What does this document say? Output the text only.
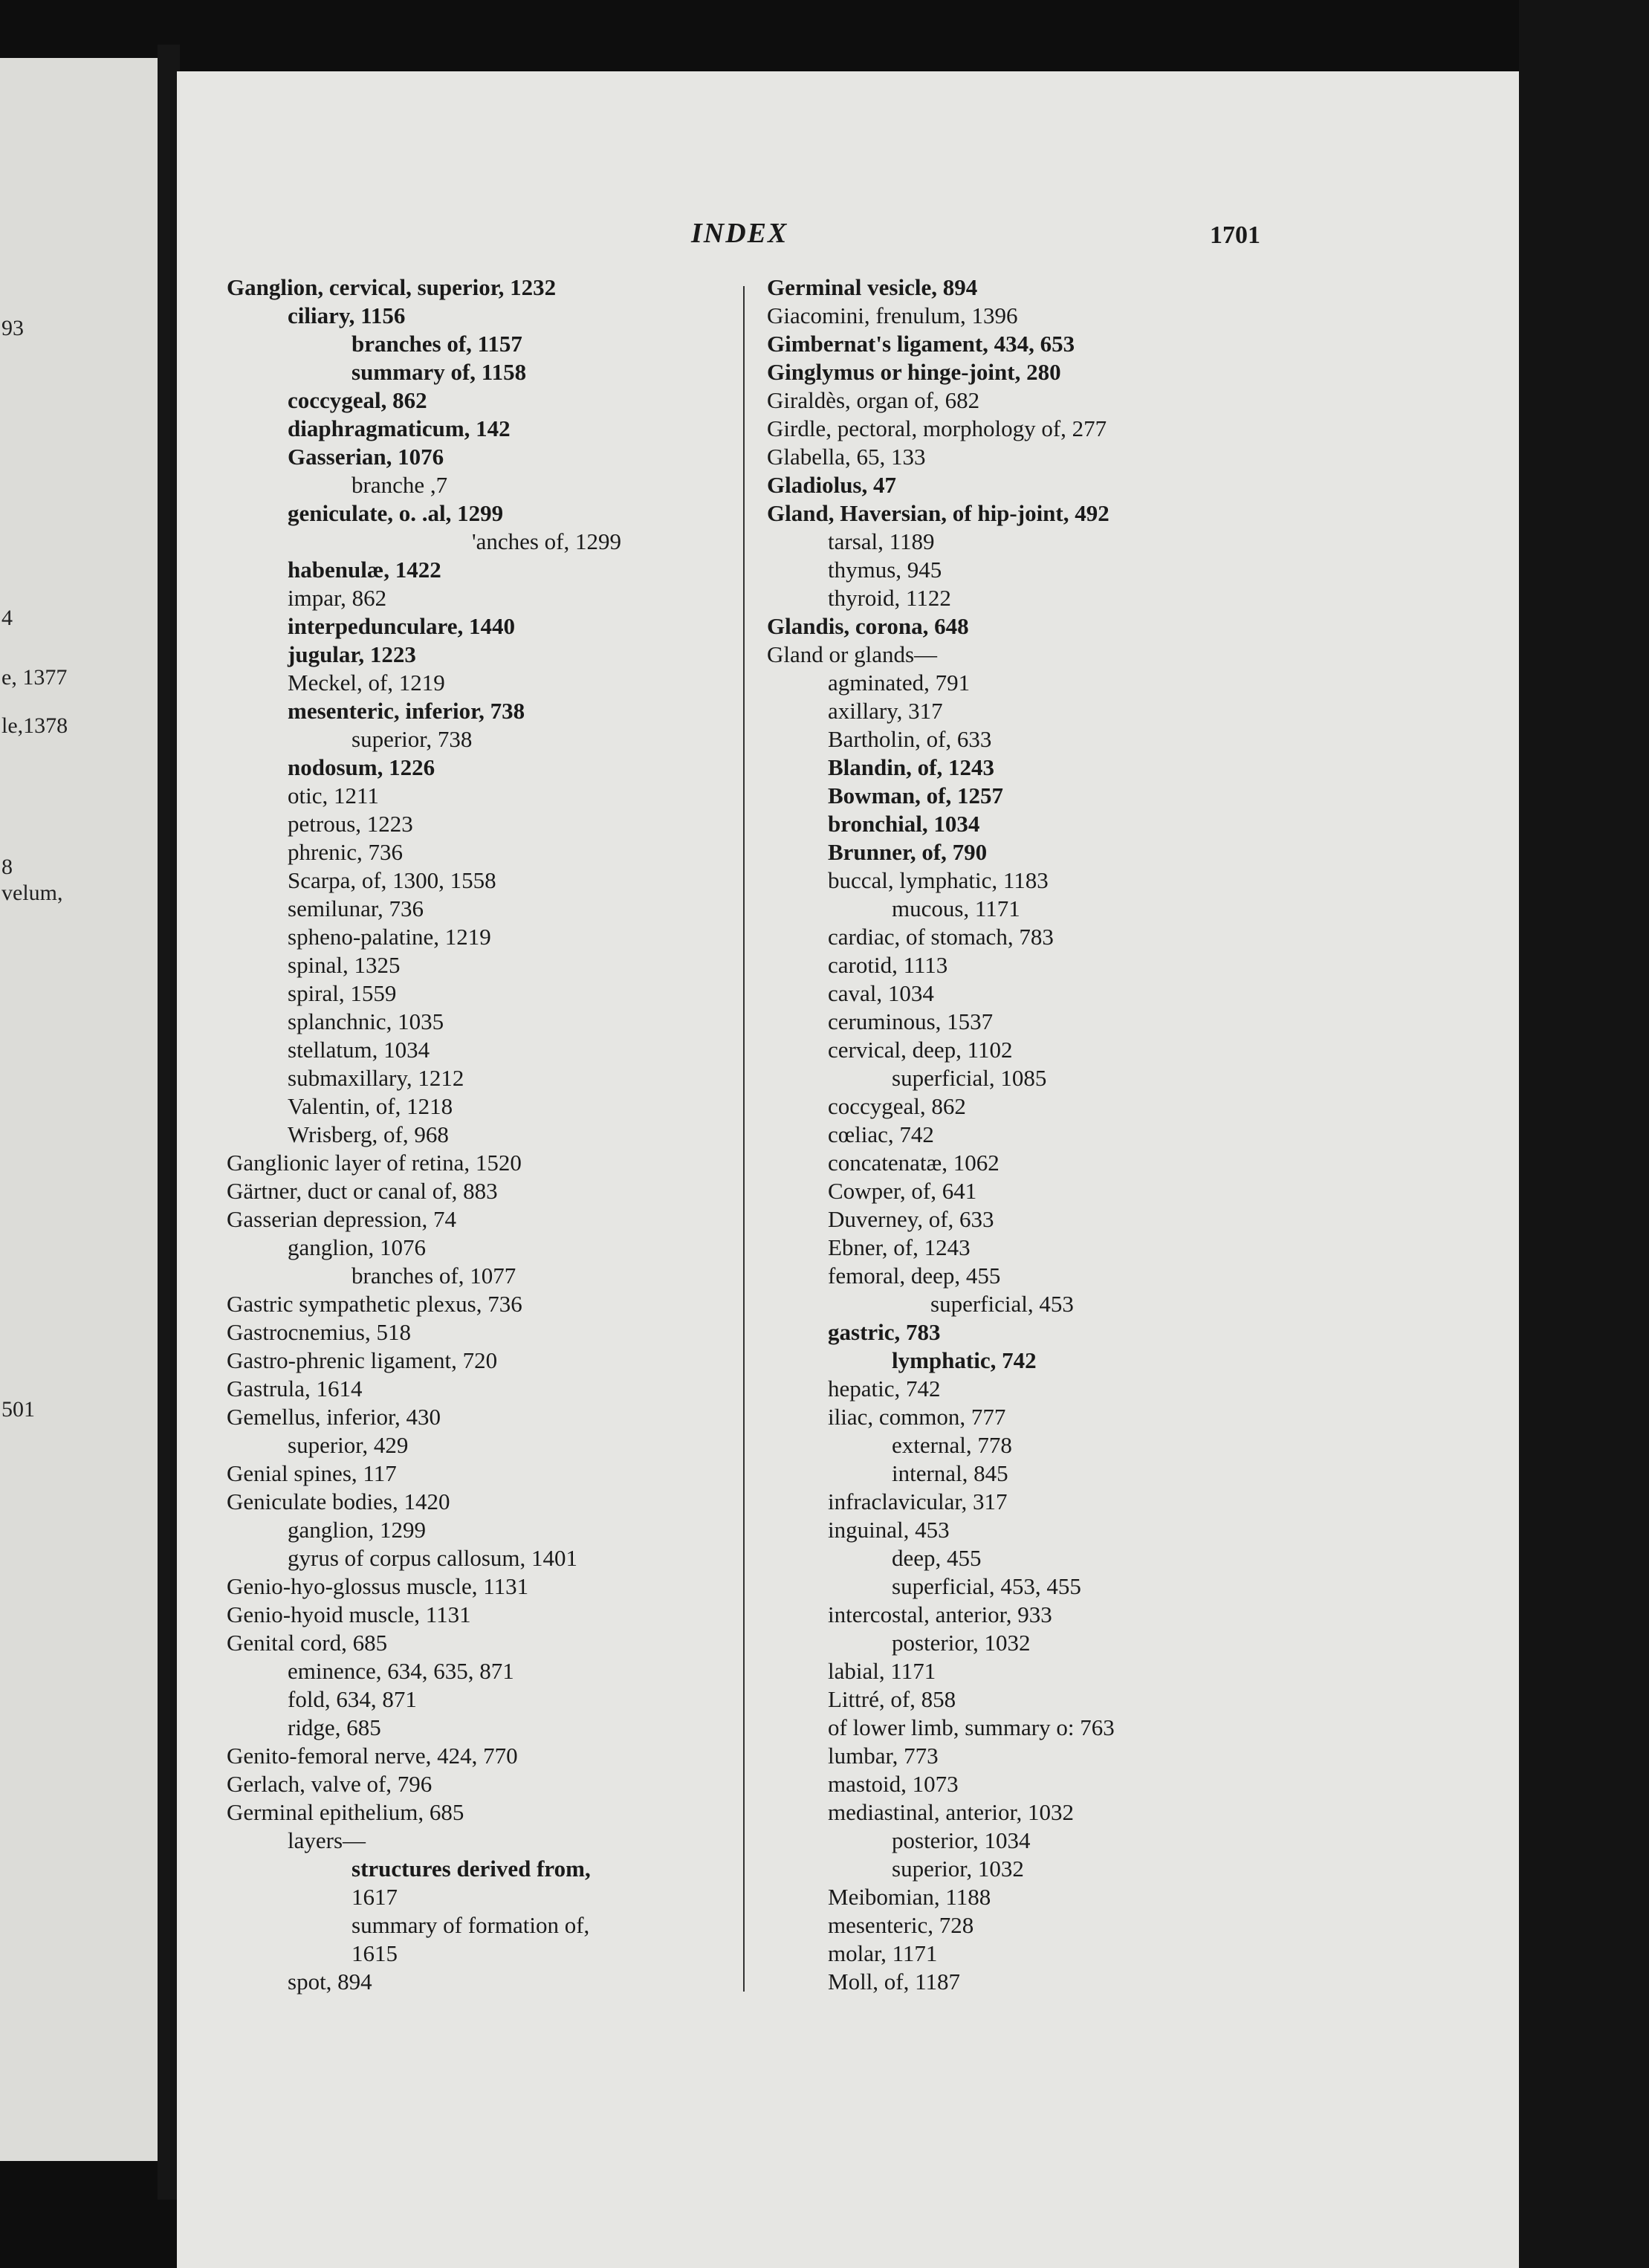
93
4
e, 1377
le,1378
8
velum,
501
INDEX	1701
Ganglion, cervical, superior, 1232
ciliary, 1156
branches of, 1157
summary of, 1158
coccygeal, 862
diaphragmaticum, 142
Gasserian, 1076
branche ,7
geniculate, o. .al, 1299
'anches of, 1299
habenulæ, 1422
impar, 862
interpedunculare, 1440
jugular, 1223
Meckel, of, 1219
mesenteric, inferior, 738
superior, 738
nodosum, 1226
otic, 1211
petrous, 1223
phrenic, 736
Scarpa, of, 1300, 1558
semilunar, 736
spheno-palatine, 1219
spinal, 1325
spiral, 1559
splanchnic, 1035
stellatum, 1034
submaxillary, 1212
Valentin, of, 1218
Wrisberg, of, 968
Ganglionic layer of retina, 1520
Gärtner, duct or canal of, 883
Gasserian depression, 74
ganglion, 1076
branches of, 1077
Gastric sympathetic plexus, 736
Gastrocnemius, 518
Gastro-phrenic ligament, 720
Gastrula, 1614
Gemellus, inferior, 430
superior, 429
Genial spines, 117
Geniculate bodies, 1420
ganglion, 1299
gyrus of corpus callosum, 1401
Genio-hyo-glossus muscle, 1131
Genio-hyoid muscle, 1131
Genital cord, 685
eminence, 634, 635, 871
fold, 634, 871
ridge, 685
Genito-femoral nerve, 424, 770
Gerlach, valve of, 796
Germinal epithelium, 685
layers—
structures derived from,
1617
summary of formation of,
1615
spot, 894
Germinal vesicle, 894
Giacomini, frenulum, 1396
Gimbernat's ligament, 434, 653
Ginglymus or hinge-joint, 280
Giraldès, organ of, 682
Girdle, pectoral, morphology of, 277
Glabella, 65, 133
Gladiolus, 47
Gland, Haversian, of hip-joint, 492
tarsal, 1189
thymus, 945
thyroid, 1122
Glandis, corona, 648
Gland or glands—
agminated, 791
axillary, 317
Bartholin, of, 633
Blandin, of, 1243
Bowman, of, 1257
bronchial, 1034
Brunner, of, 790
buccal, lymphatic, 1183
mucous, 1171
cardiac, of stomach, 783
carotid, 1113
caval, 1034
ceruminous, 1537
cervical, deep, 1102
superficial, 1085
coccygeal, 862
cœliac, 742
concatenatæ, 1062
Cowper, of, 641
Duverney, of, 633
Ebner, of, 1243
femoral, deep, 455
superficial, 453
gastric, 783
lymphatic, 742
hepatic, 742
iliac, common, 777
external, 778
internal, 845
infraclavicular, 317
inguinal, 453
deep, 455
superficial, 453, 455
intercostal, anterior, 933
posterior, 1032
labial, 1171
Littré, of, 858
of lower limb, summary o: 763
lumbar, 773
mastoid, 1073
mediastinal, anterior, 1032
posterior, 1034
superior, 1032
Meibomian, 1188
mesenteric, 728
molar, 1171
Moll, of, 1187
